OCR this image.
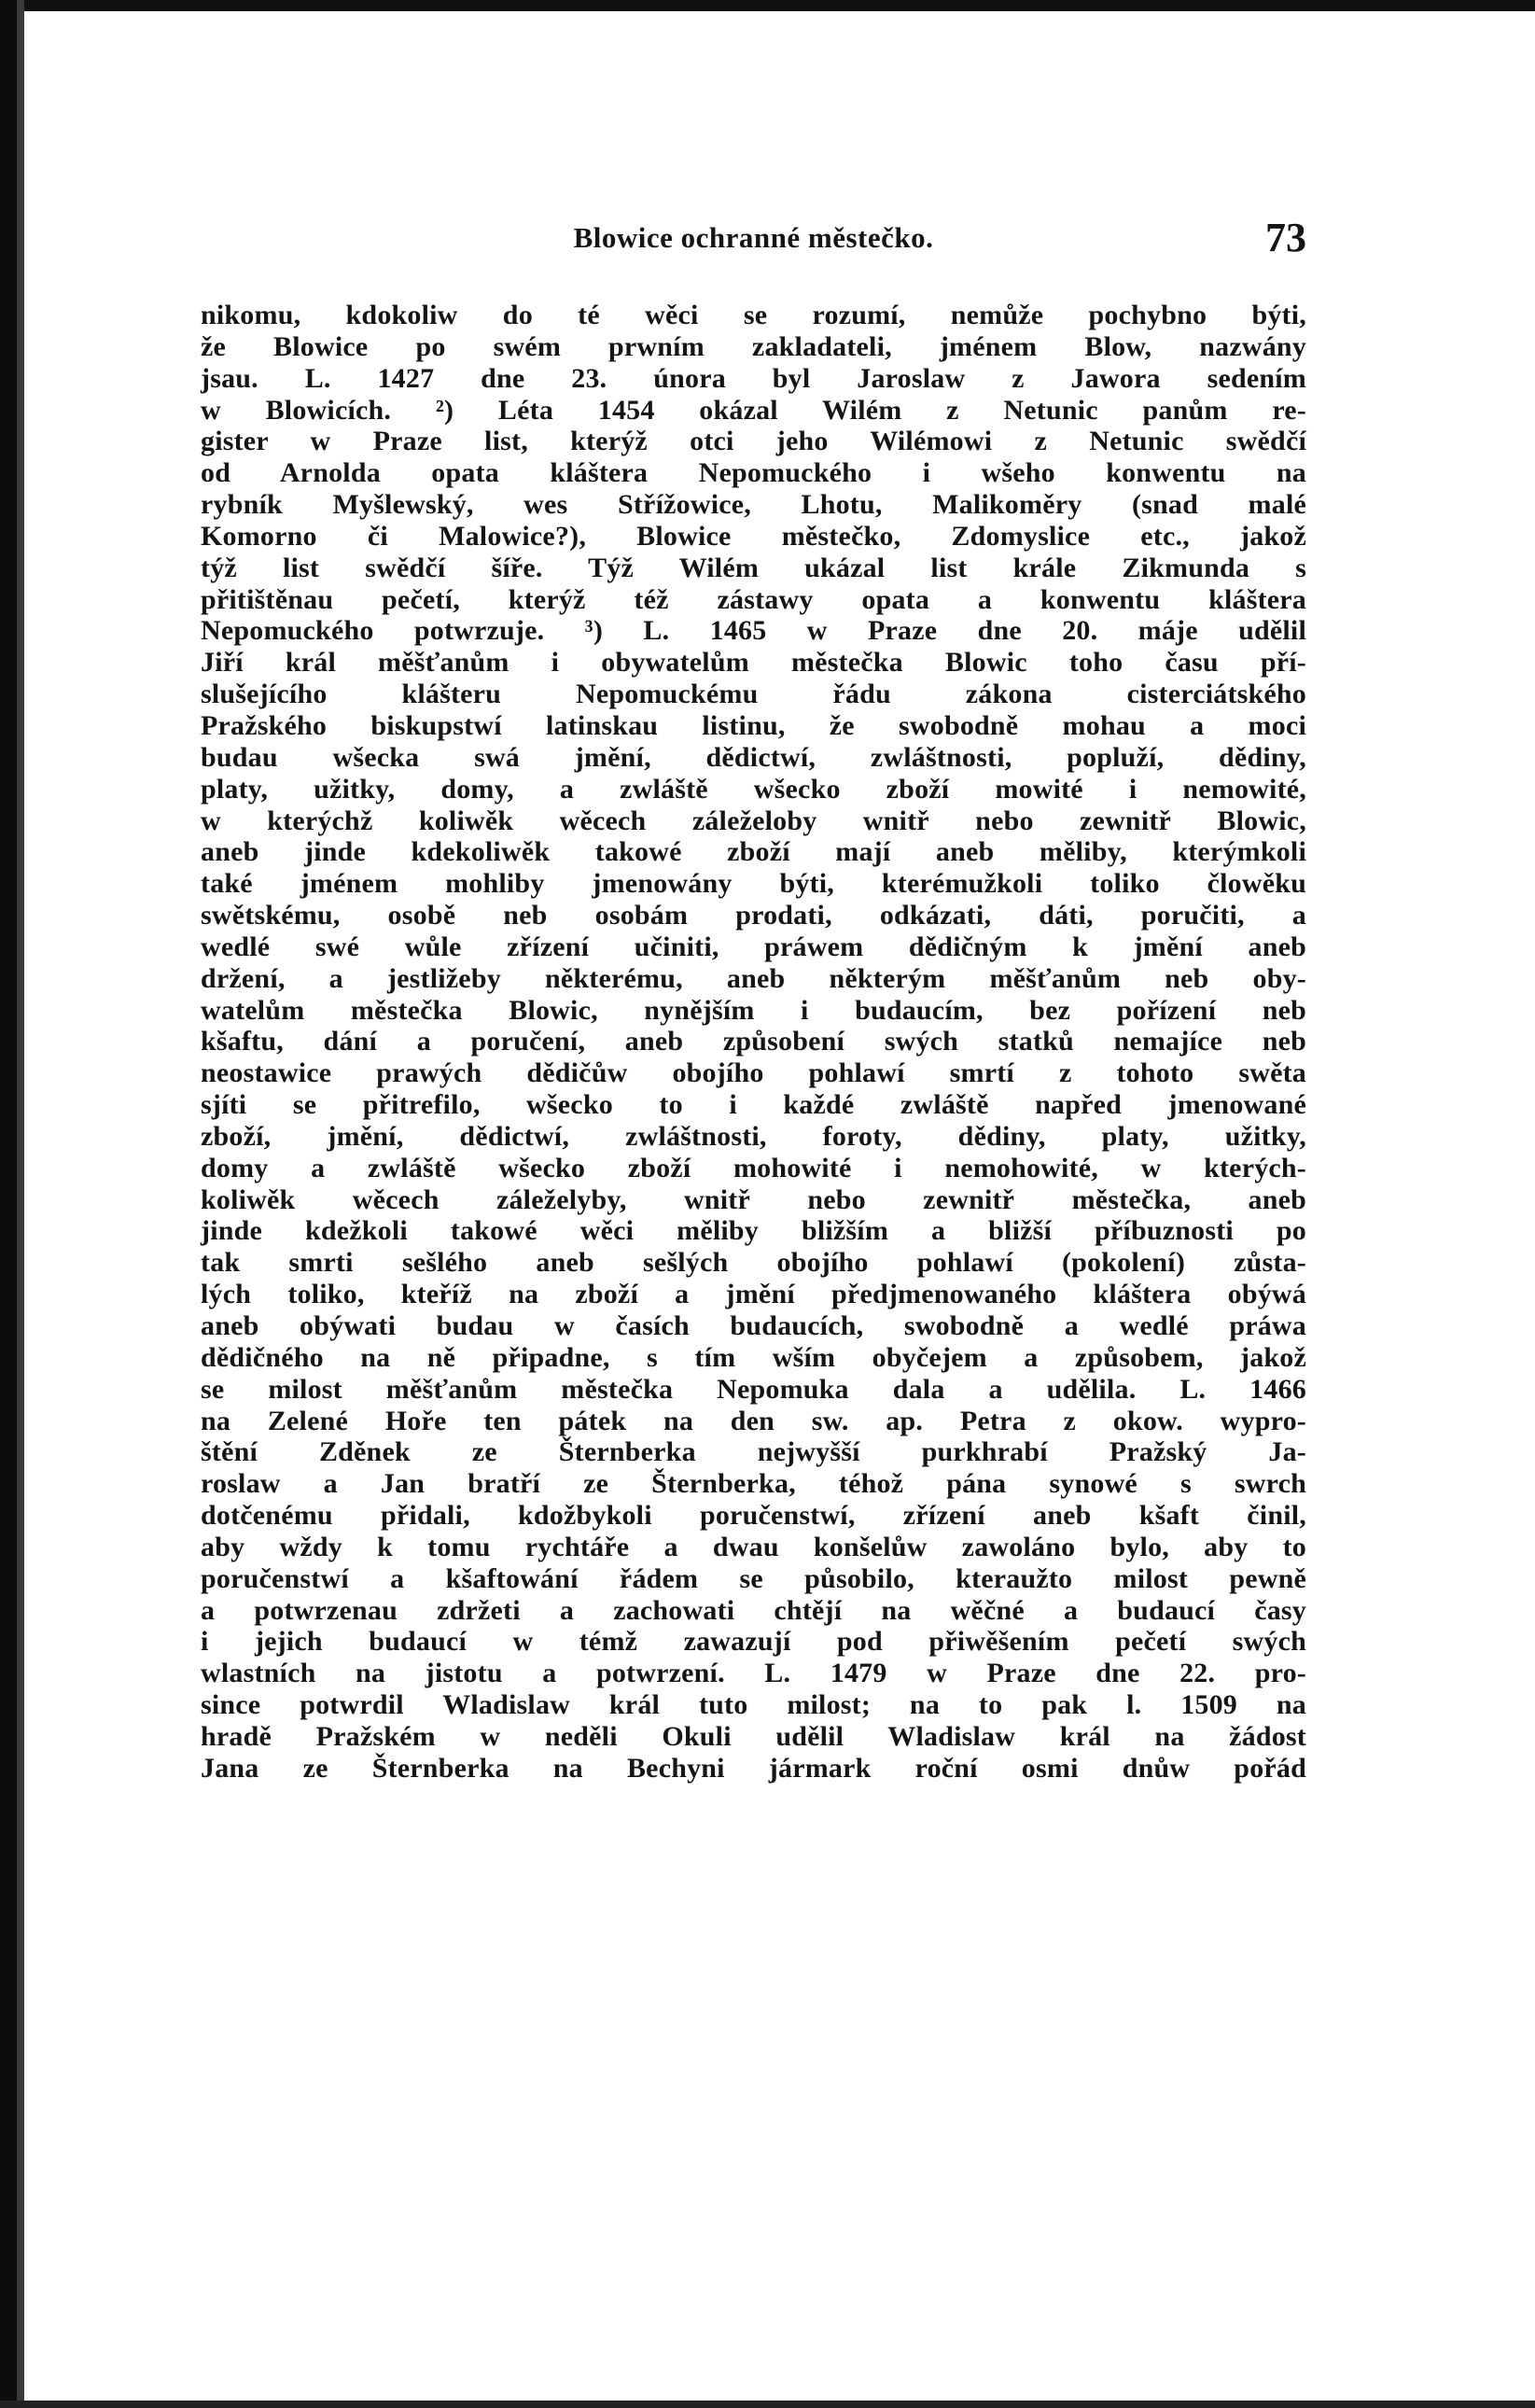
Blowice ochranné městečko.	73
nikomu, kdokoliw do té wěci se rozumí, nemůže pochybno býti,
že Blowice po swém prwním zakladateli, jménem Blow, nazwány
jsau. L. 1427 dne 23. února byl Jaroslaw z Jawora sedením
w Blowicích. ²) Léta 1454 okázal Wilém z Netunic panům re-
gister w Praze list, kterýž otci jeho Wilémowi z Netunic swědčí
od Arnolda opata kláštera Nepomuckého i wšeho konwentu na
rybník Myšlewský, wes Střížowice, Lhotu, Malikoměry (snad malé
Komorno či Malowice?), Blowice městečko, Zdomyslice etc., jakož
týž list swědčí šíře. Týž Wilém ukázal list krále Zikmunda s
přitištěnau pečetí, kterýž též zástawy opata a konwentu kláštera
Nepomuckého potwrzuje. ³) L. 1465 w Praze dne 20. máje udělil
Jiří král měšťanům i obywatelům městečka Blowic toho času pří-
slušejícího klášteru Nepomuckému řádu zákona cisterciátského
Pražského biskupstwí latinskau listinu, že swobodně mohau a moci
budau wšecka swá jmění, dědictwí, zwláštnosti, popluží, dědiny,
platy, užitky, domy, a zwláště wšecko zboží mowité i nemowité,
w kterýchž koliwěk wěcech záleželoby wnitř nebo zewnitř Blowic,
aneb jinde kdekoliwěk takowé zboží mají aneb měliby, kterýmkoli
také jménem mohliby jmenowány býti, kterémužkoli toliko člowěku
swětskému, osobě neb osobám prodati, odkázati, dáti, poručiti, a
wedlé swé wůle zřízení učiniti, práwem dědičným k jmění aneb
držení, a jestližeby některému, aneb některým měšťanům neb oby-
watelům městečka Blowic, nynějším i budaucím, bez pořízení neb
kšaftu, dání a poručení, aneb způsobení swých statků nemajíce neb
neostawice prawých dědičůw obojího pohlawí smrtí z tohoto swěta
sjíti se přitrefilo, wšecko to i každé zwláště napřed jmenowané
zboží, jmění, dědictwí, zwláštnosti, foroty, dědiny, platy, užitky,
domy a zwláště wšecko zboží mohowité i nemohowité, w kterých-
koliwěk wěcech záleželyby, wnitř nebo zewnitř městečka, aneb
jinde kdežkoli takowé wěci měliby bližším a bližší příbuznosti po
tak smrti sešlého aneb sešlých obojího pohlawí (pokolení) zůsta-
lých toliko, kteříž na zboží a jmění předjmenowaného kláštera obýwá
aneb obýwati budau w časích budaucích, swobodně a wedlé práwa
dědičného na ně připadne, s tím wším obyčejem a způsobem, jakož
se milost měšťanům městečka Nepomuka dala a udělila. L. 1466
na Zelené Hoře ten pátek na den sw. ap. Petra z okow. wypro-
štění Zděnek ze Šternberka nejwyšší purkhrabí Pražský Ja-
roslaw a Jan bratří ze Šternberka, téhož pána synowé s swrch
dotčenému přidali, kdožbykoli poručenstwí, zřízení aneb kšaft činil,
aby wždy k tomu rychtáře a dwau konšelůw zawoláno bylo, aby to
poručenstwí a kšaftowání řádem se působilo, kteraužto milost pewně
a potwrzenau zdržeti a zachowati chtějí na wěčné a budaucí časy
i jejich budaucí w témž zawazují pod přiwěšením pečetí swých
wlastních na jistotu a potwrzení. L. 1479 w Praze dne 22. pro-
since potwrdil Wladislaw král tuto milost; na to pak l. 1509 na
hradě Pražském w neděli Okuli udělil Wladislaw král na žádost
Jana ze Šternberka na Bechyni jármark roční osmi dnůw pořád
